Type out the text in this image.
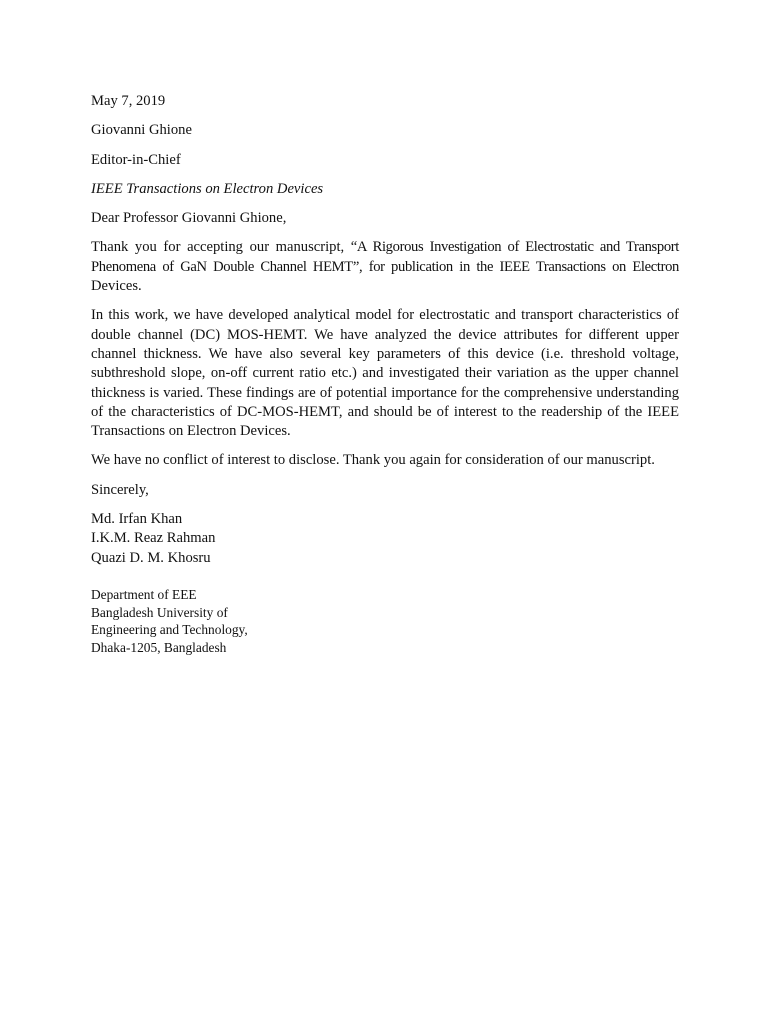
May 7, 2019

Giovanni Ghione

Editor-in-Chief

IEEE Transactions on Electron Devices

Dear Professor Giovanni Ghione,

Thank you for accepting our manuscript, “A Rigorous Investigation of Electrostatic and Transport Phenomena of GaN Double Channel HEMT”, for publication in the IEEE Transactions on Electron Devices.

In this work, we have developed analytical model for electrostatic and transport characteristics of double channel (DC) MOS-HEMT. We have analyzed the device attributes for different upper channel thickness. We have also several key parameters of this device (i.e. threshold voltage, subthreshold slope, on-off current ratio etc.) and investigated their variation as the upper channel thickness is varied. These findings are of potential importance for the comprehensive understanding of the characteristics of DC-MOS-HEMT, and should be of interest to the readership of the IEEE Transactions on Electron Devices.

We have no conflict of interest to disclose. Thank you again for consideration of our manuscript.

Sincerely,

Md. Irfan Khan

I.K.M. Reaz Rahman

Quazi D. M. Khosru

Department of EEE

Bangladesh University of

Engineering and Technology,

Dhaka-1205, Bangladesh
